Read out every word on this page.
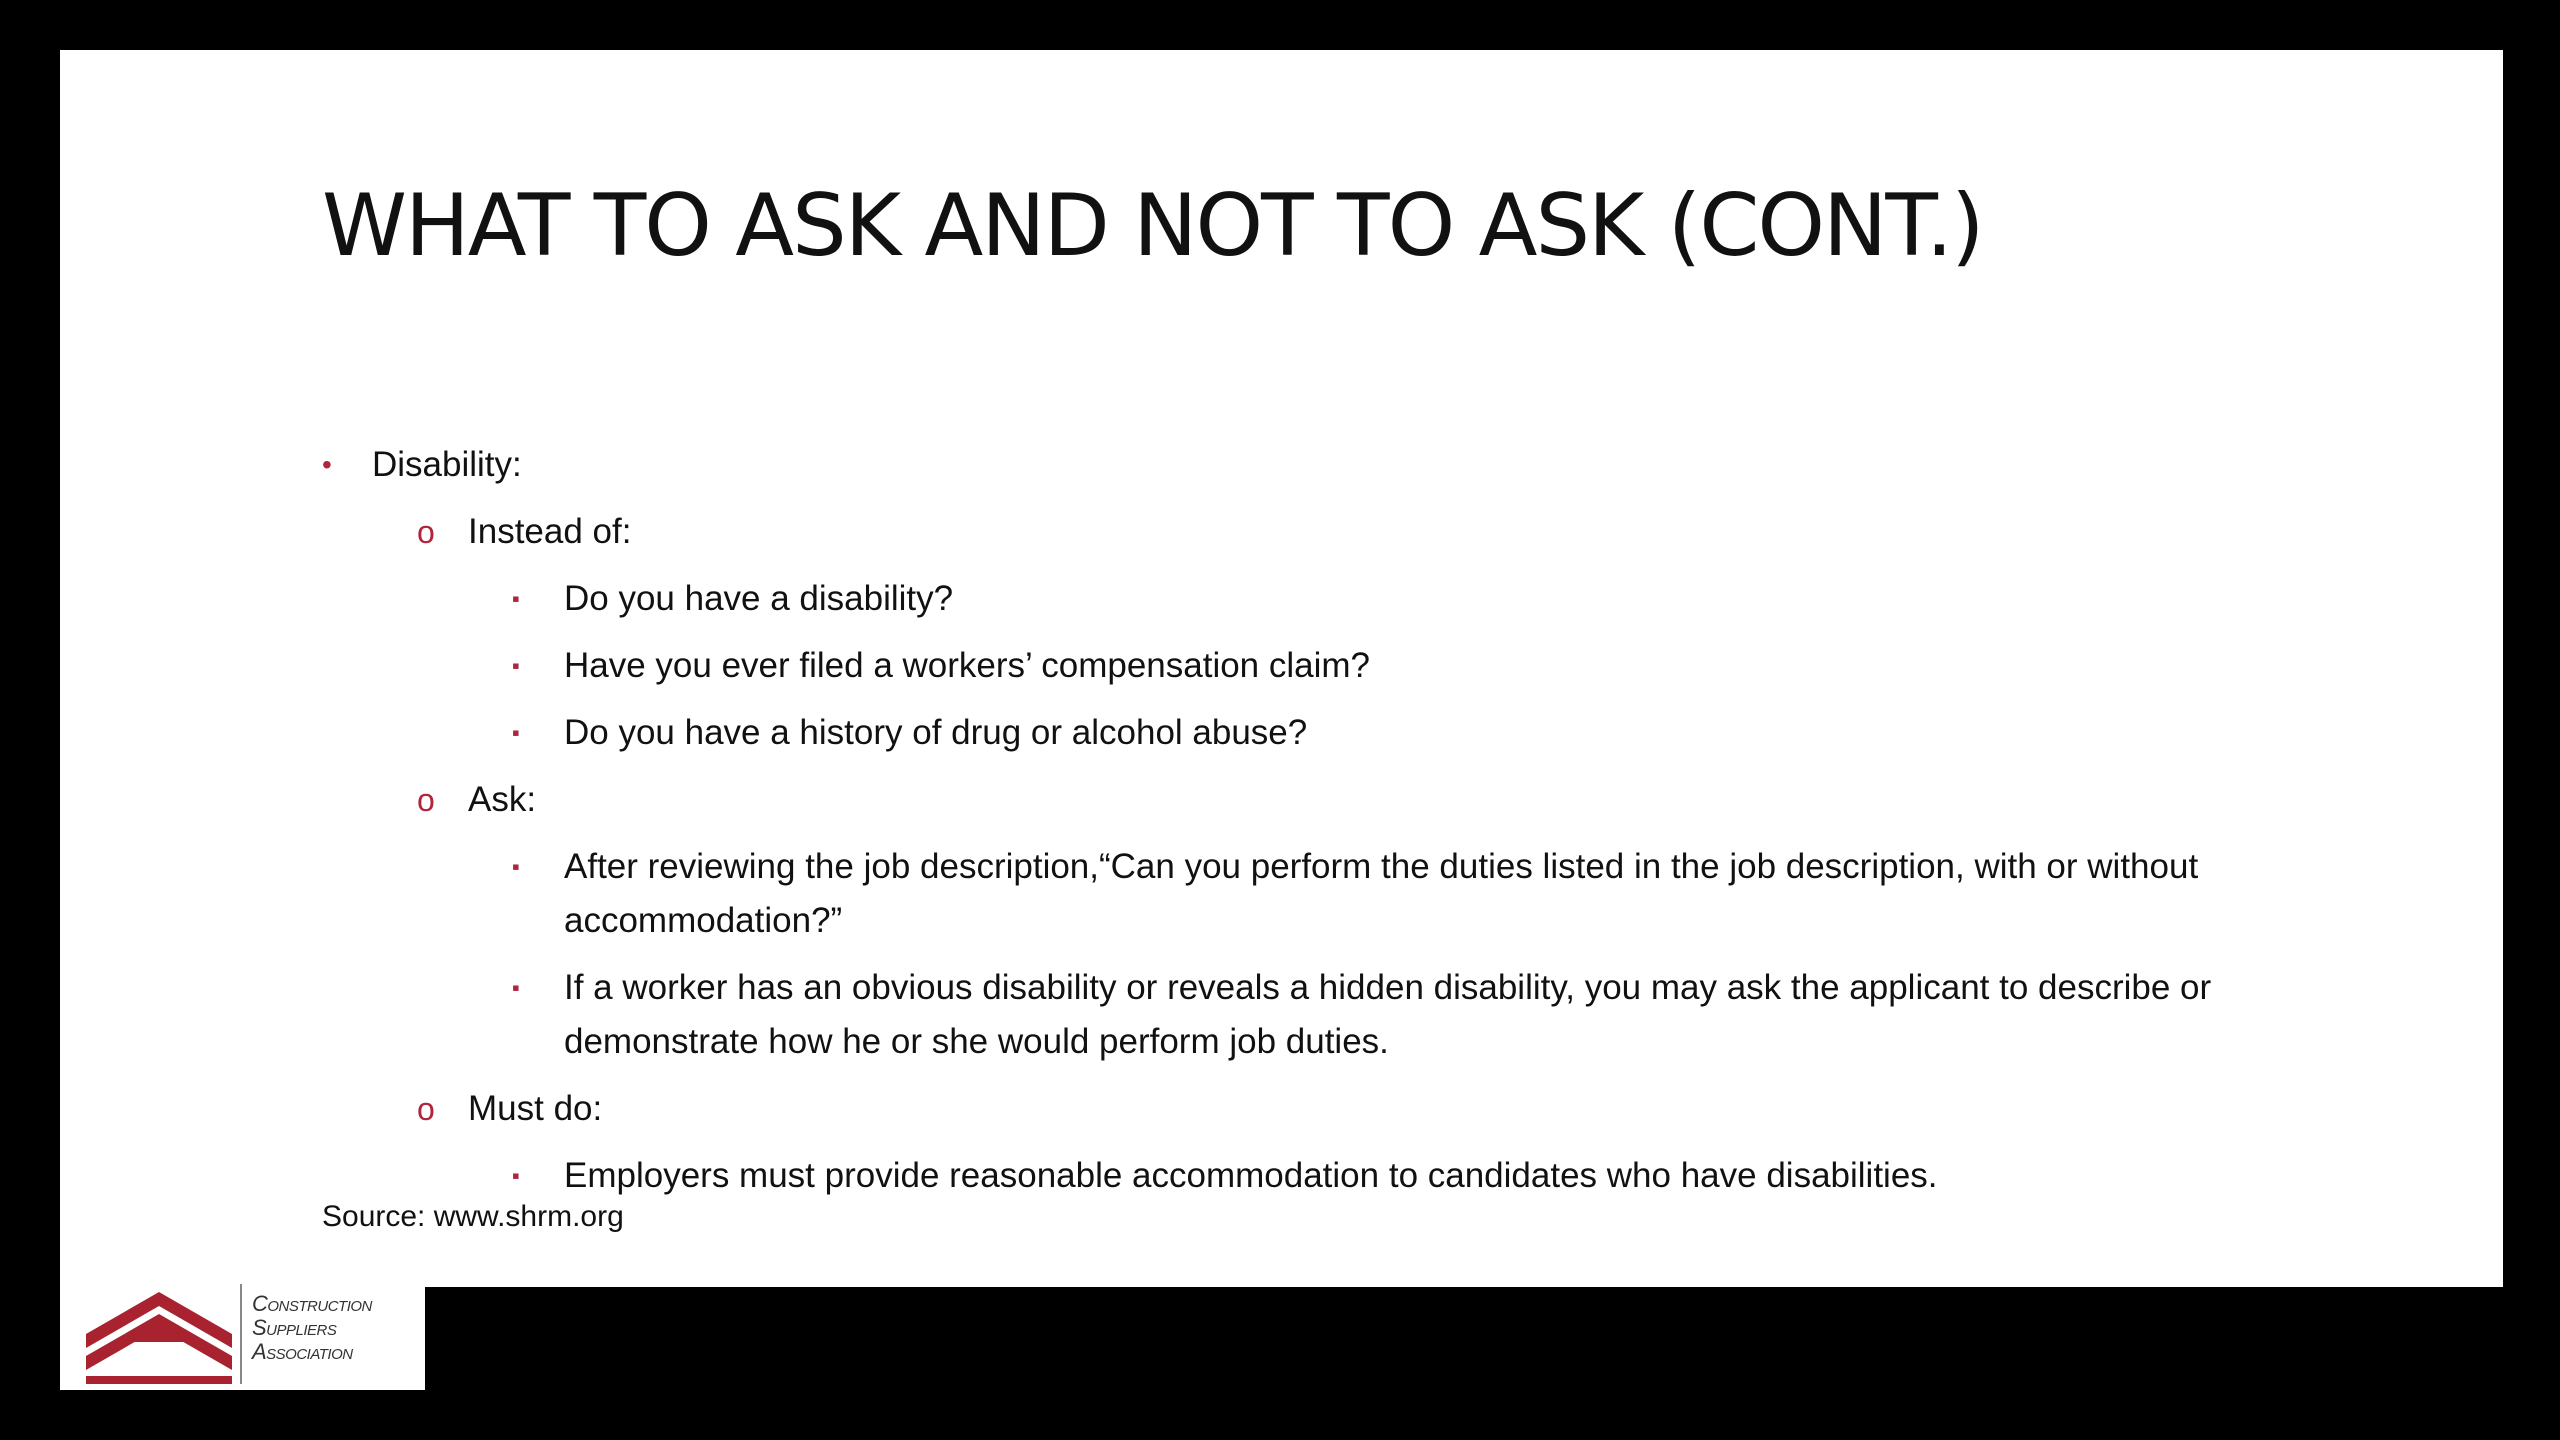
WHAT TO ASK AND NOT TO ASK (CONT.)
• Disability:
o Instead of:
▪ Do you have a disability?
▪ Have you ever filed a workers’ compensation claim?
▪ Do you have a history of drug or alcohol abuse?
o Ask:
▪ After reviewing the job description,“Can you perform the duties listed in the job description, with or without accommodation?”
▪ If a worker has an obvious disability or reveals a hidden disability, you may ask the applicant to describe or demonstrate how he or she would perform job duties.
o Must do:
▪ Employers must provide reasonable accommodation to candidates who have disabilities.
Source: www.shrm.org
Construction
Suppliers
Association
